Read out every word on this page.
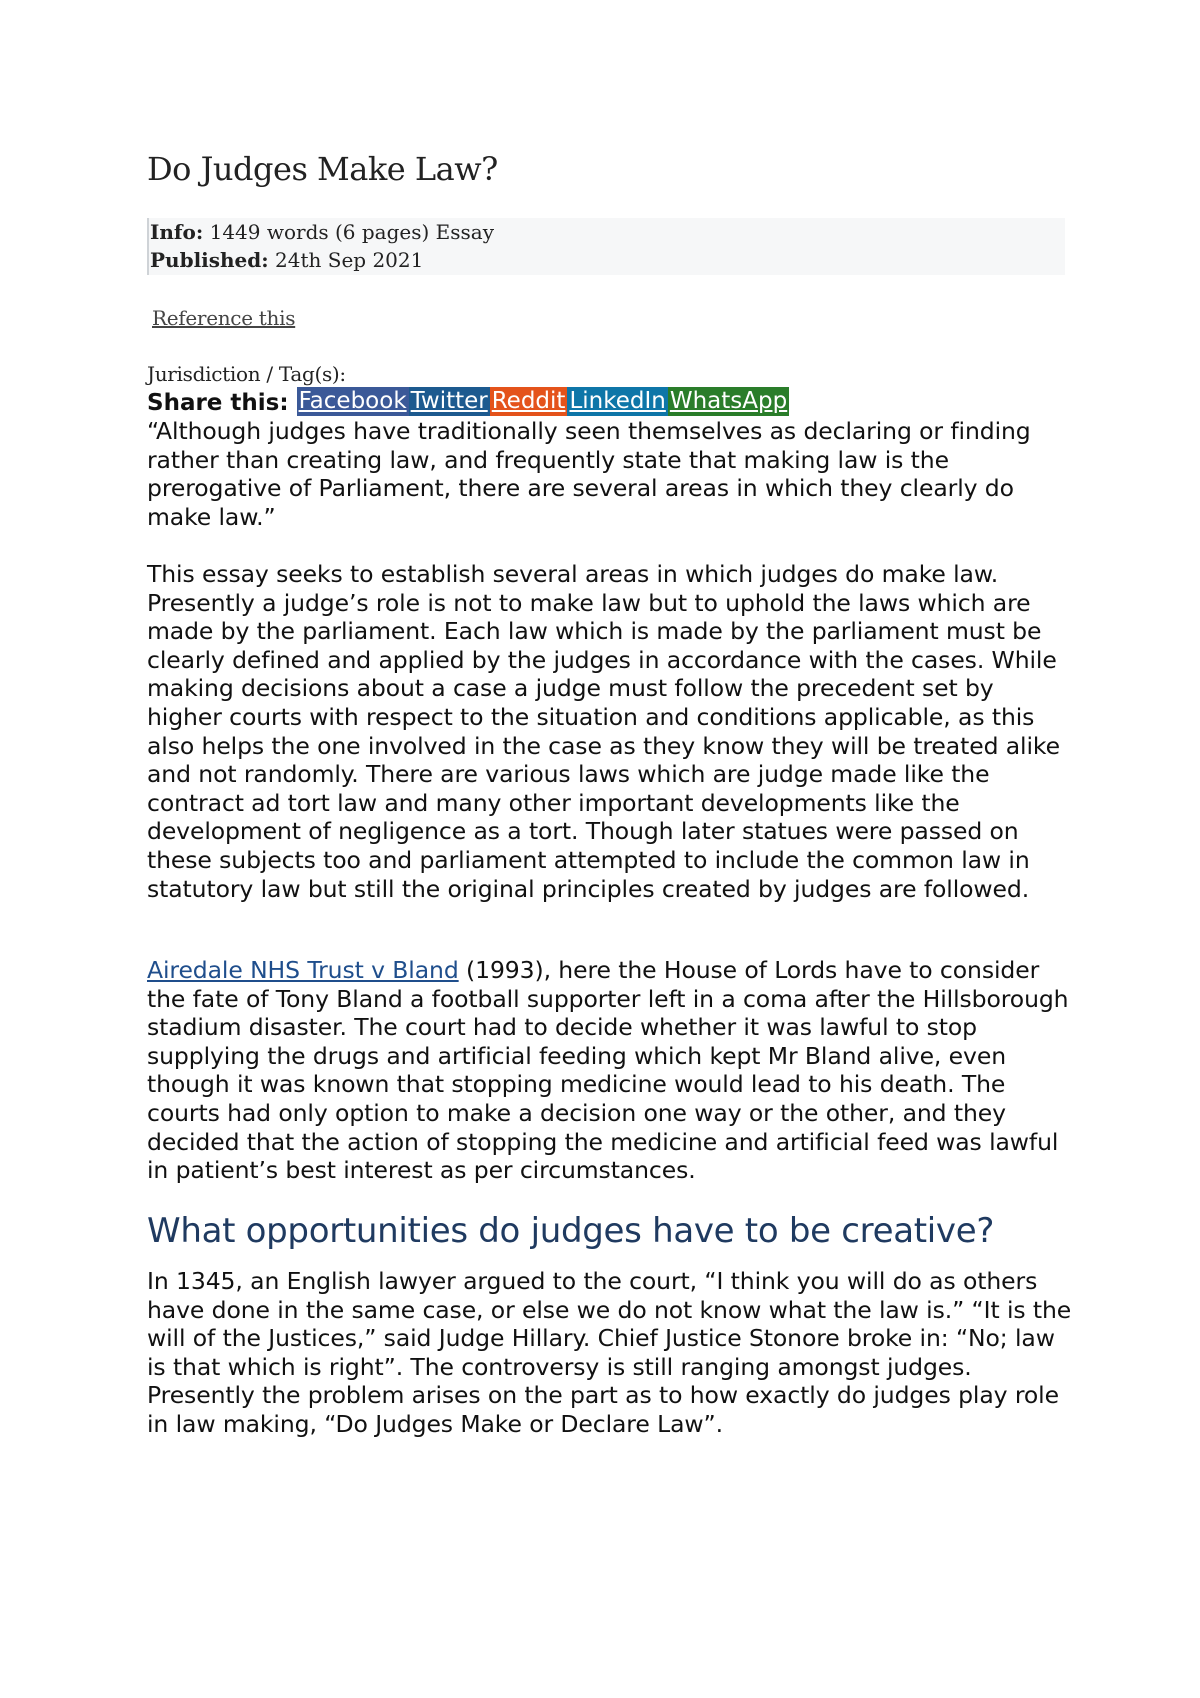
Do Judges Make Law?
Info: 1449 words (6 pages) Essay
Published: 24th Sep 2021
Reference this
Jurisdiction / Tag(s):
Share this: Facebook Twitter Reddit LinkedIn WhatsApp

“Although judges have traditionally seen themselves as declaring or finding rather than creating law, and frequently state that making law is the prerogative of Parliament, there are several areas in which they clearly do make law.”

This essay seeks to establish several areas in which judges do make law. Presently a judge’s role is not to make law but to uphold the laws which are made by the parliament. Each law which is made by the parliament must be clearly defined and applied by the judges in accordance with the cases. While making decisions about a case a judge must follow the precedent set by higher courts with respect to the situation and conditions applicable, as this also helps the one involved in the case as they know they will be treated alike and not randomly. There are various laws which are judge made like the contract ad tort law and many other important developments like the development of negligence as a tort. Though later statues were passed on these subjects too and parliament attempted to include the common law in statutory law but still the original principles created by judges are followed.

Airedale NHS Trust v Bland (1993), here the House of Lords have to consider the fate of Tony Bland a football supporter left in a coma after the Hillsborough stadium disaster. The court had to decide whether it was lawful to stop supplying the drugs and artificial feeding which kept Mr Bland alive, even though it was known that stopping medicine would lead to his death. The courts had only option to make a decision one way or the other, and they decided that the action of stopping the medicine and artificial feed was lawful in patient’s best interest as per circumstances.

What opportunities do judges have to be creative?

In 1345, an English lawyer argued to the court, “I think you will do as others have done in the same case, or else we do not know what the law is.” “It is the will of the Justices,” said Judge Hillary. Chief Justice Stonore broke in: “No; law is that which is right”. The controversy is still ranging amongst judges. Presently the problem arises on the part as to how exactly do judges play role in law making, “Do Judges Make or Declare Law”.
